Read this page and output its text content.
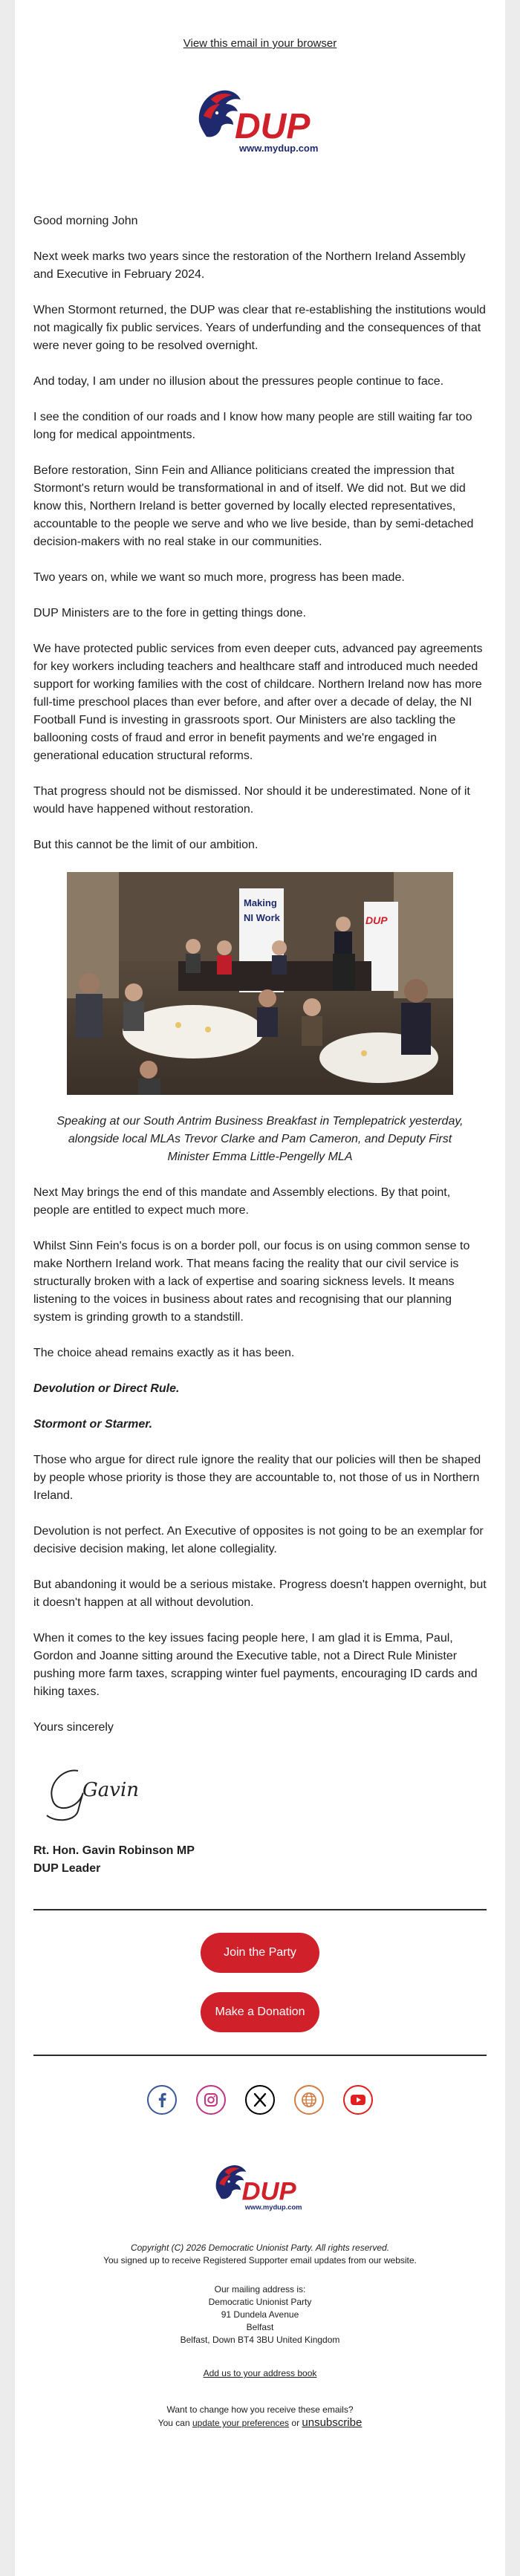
View this email in your browser
DUP
www.mydup.com

Good morning John

Next week marks two years since the restoration of the Northern Ireland Assembly and Executive in February 2024.

When Stormont returned, the DUP was clear that re-establishing the institutions would not magically fix public services. Years of underfunding and the consequences of that were never going to be resolved overnight.

And today, I am under no illusion about the pressures people continue to face.

I see the condition of our roads and I know how many people are still waiting far too long for medical appointments.

Before restoration, Sinn Fein and Alliance politicians created the impression that Stormont's return would be transformational in and of itself. We did not. But we did know this, Northern Ireland is better governed by locally elected representatives, accountable to the people we serve and who we live beside, than by semi-detached decision-makers with no real stake in our communities.

Two years on, while we want so much more, progress has been made.

DUP Ministers are to the fore in getting things done.

We have protected public services from even deeper cuts, advanced pay agreements for key workers including teachers and healthcare staff and introduced much needed support for working families with the cost of childcare. Northern Ireland now has more full-time preschool places than ever before, and after over a decade of delay, the NI Football Fund is investing in grassroots sport. Our Ministers are also tackling the ballooning costs of fraud and error in benefit payments and we're engaged in generational education structural reforms.

That progress should not be dismissed. Nor should it be underestimated. None of it would have happened without restoration.

But this cannot be the limit of our ambition.

Making
NI Work	DUP

Speaking at our South Antrim Business Breakfast in Templepatrick yesterday, alongside local MLAs Trevor Clarke and Pam Cameron, and Deputy First Minister Emma Little-Pengelly MLA

Next May brings the end of this mandate and Assembly elections. By that point, people are entitled to expect much more.

Whilst Sinn Fein's focus is on a border poll, our focus is on using common sense to make Northern Ireland work. That means facing the reality that our civil service is structurally broken with a lack of expertise and soaring sickness levels. It means listening to the voices in business about rates and recognising that our planning system is grinding growth to a standstill.

The choice ahead remains exactly as it has been.

Devolution or Direct Rule.

Stormont or Starmer.

Those who argue for direct rule ignore the reality that our policies will then be shaped by people whose priority is those they are accountable to, not those of us in Northern Ireland.

Devolution is not perfect. An Executive of opposites is not going to be an exemplar for decisive decision making, let alone collegiality.

But abandoning it would be a serious mistake. Progress doesn't happen overnight, but it doesn't happen at all without devolution.

When it comes to the key issues facing people here, I am glad it is Emma, Paul, Gordon and Joanne sitting around the Executive table, not a Direct Rule Minister pushing more farm taxes, scrapping winter fuel payments, encouraging ID cards and hiking taxes.

Yours sincerely

Gavin
Rt. Hon. Gavin Robinson MP
DUP Leader
Join the Party
Make a Donation
DUP
www.mydup.com

Copyright (C) 2026 Democratic Unionist Party. All rights reserved.

You signed up to receive Registered Supporter email updates from our website.

Our mailing address is:

Democratic Unionist Party

91 Dundela Avenue

Belfast

Belfast, Down BT4 3BU United Kingdom

Add us to your address book

Want to change how you receive these emails?

You can update your preferences or unsubscribe
